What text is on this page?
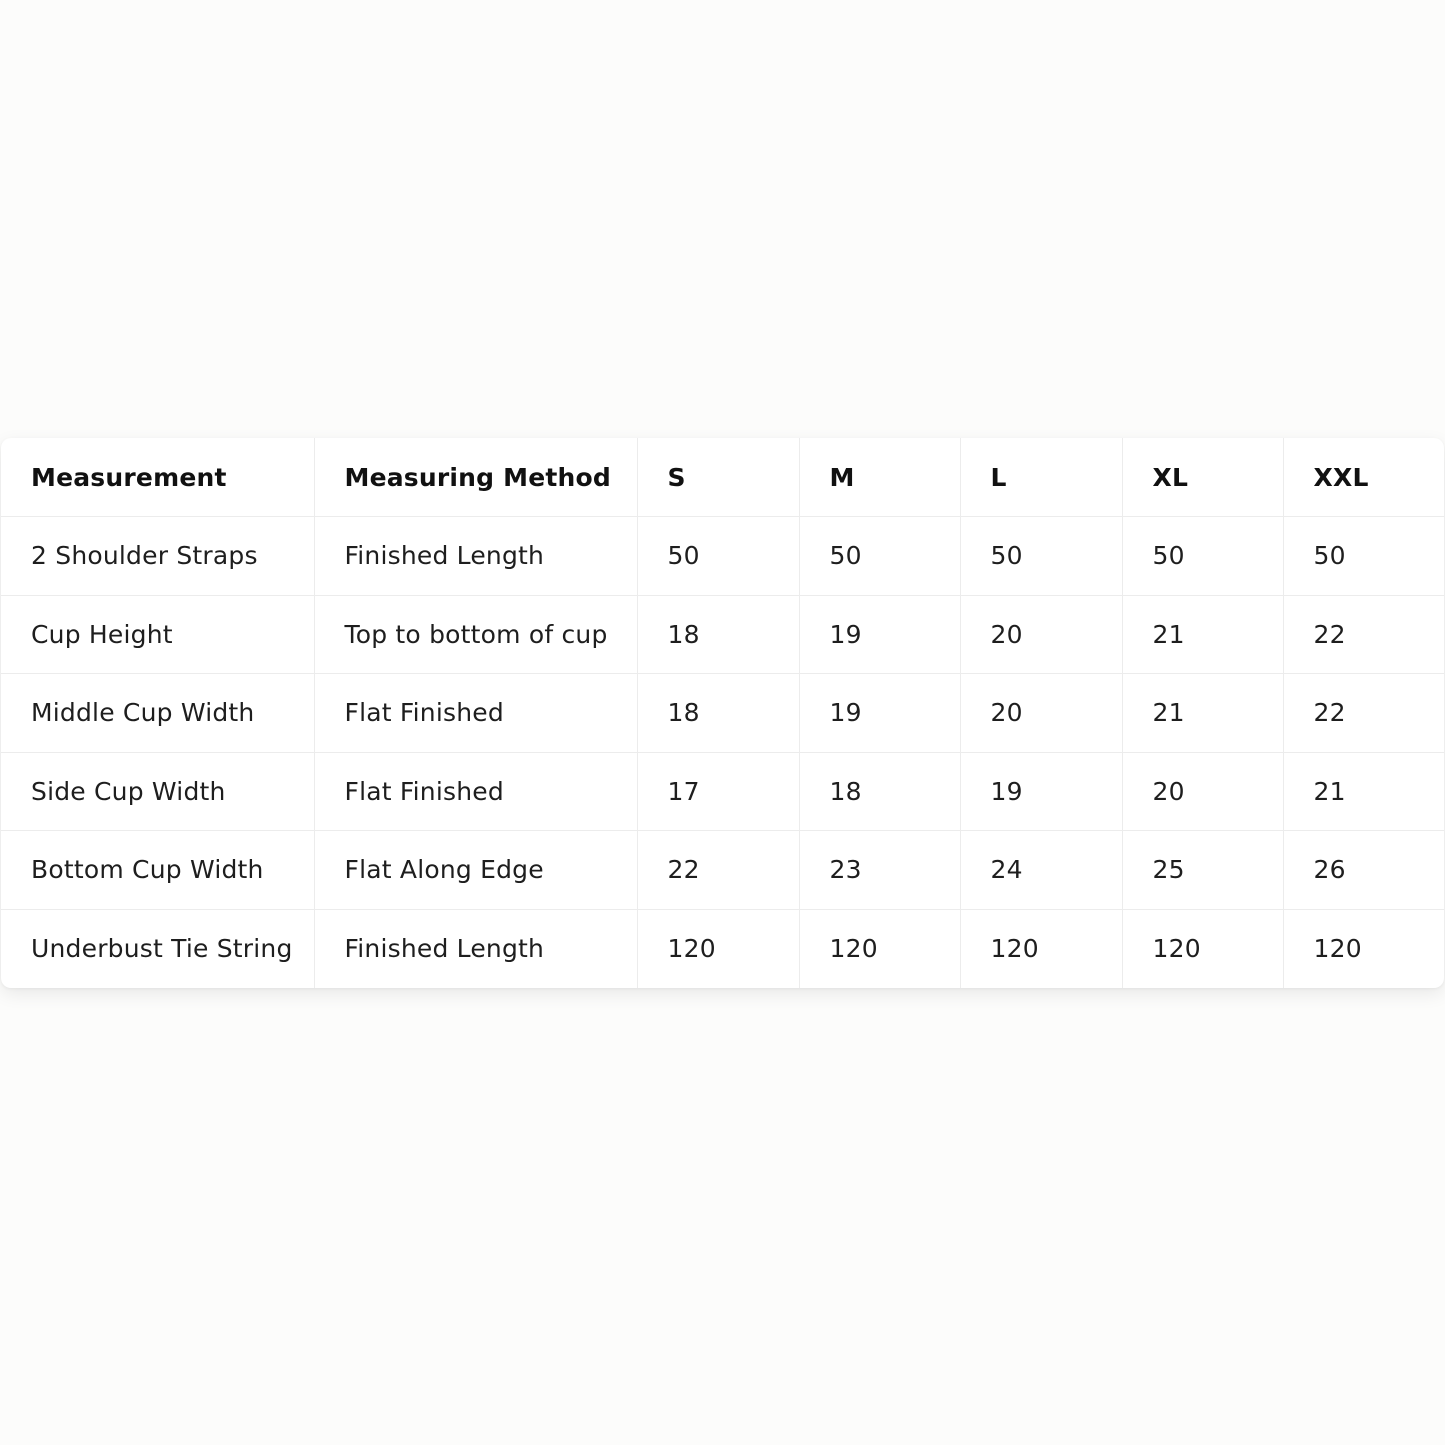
Measurement	Measuring Method	S	M	L	XL	XXL
2 Shoulder Straps	Finished Length	50	50	50	50	50
Cup Height	Top to bottom of cup	18	19	20	21	22
Middle Cup Width	Flat Finished	18	19	20	21	22
Side Cup Width	Flat Finished	17	18	19	20	21
Bottom Cup Width	Flat Along Edge	22	23	24	25	26
Underbust Tie String	Finished Length	120	120	120	120	120
